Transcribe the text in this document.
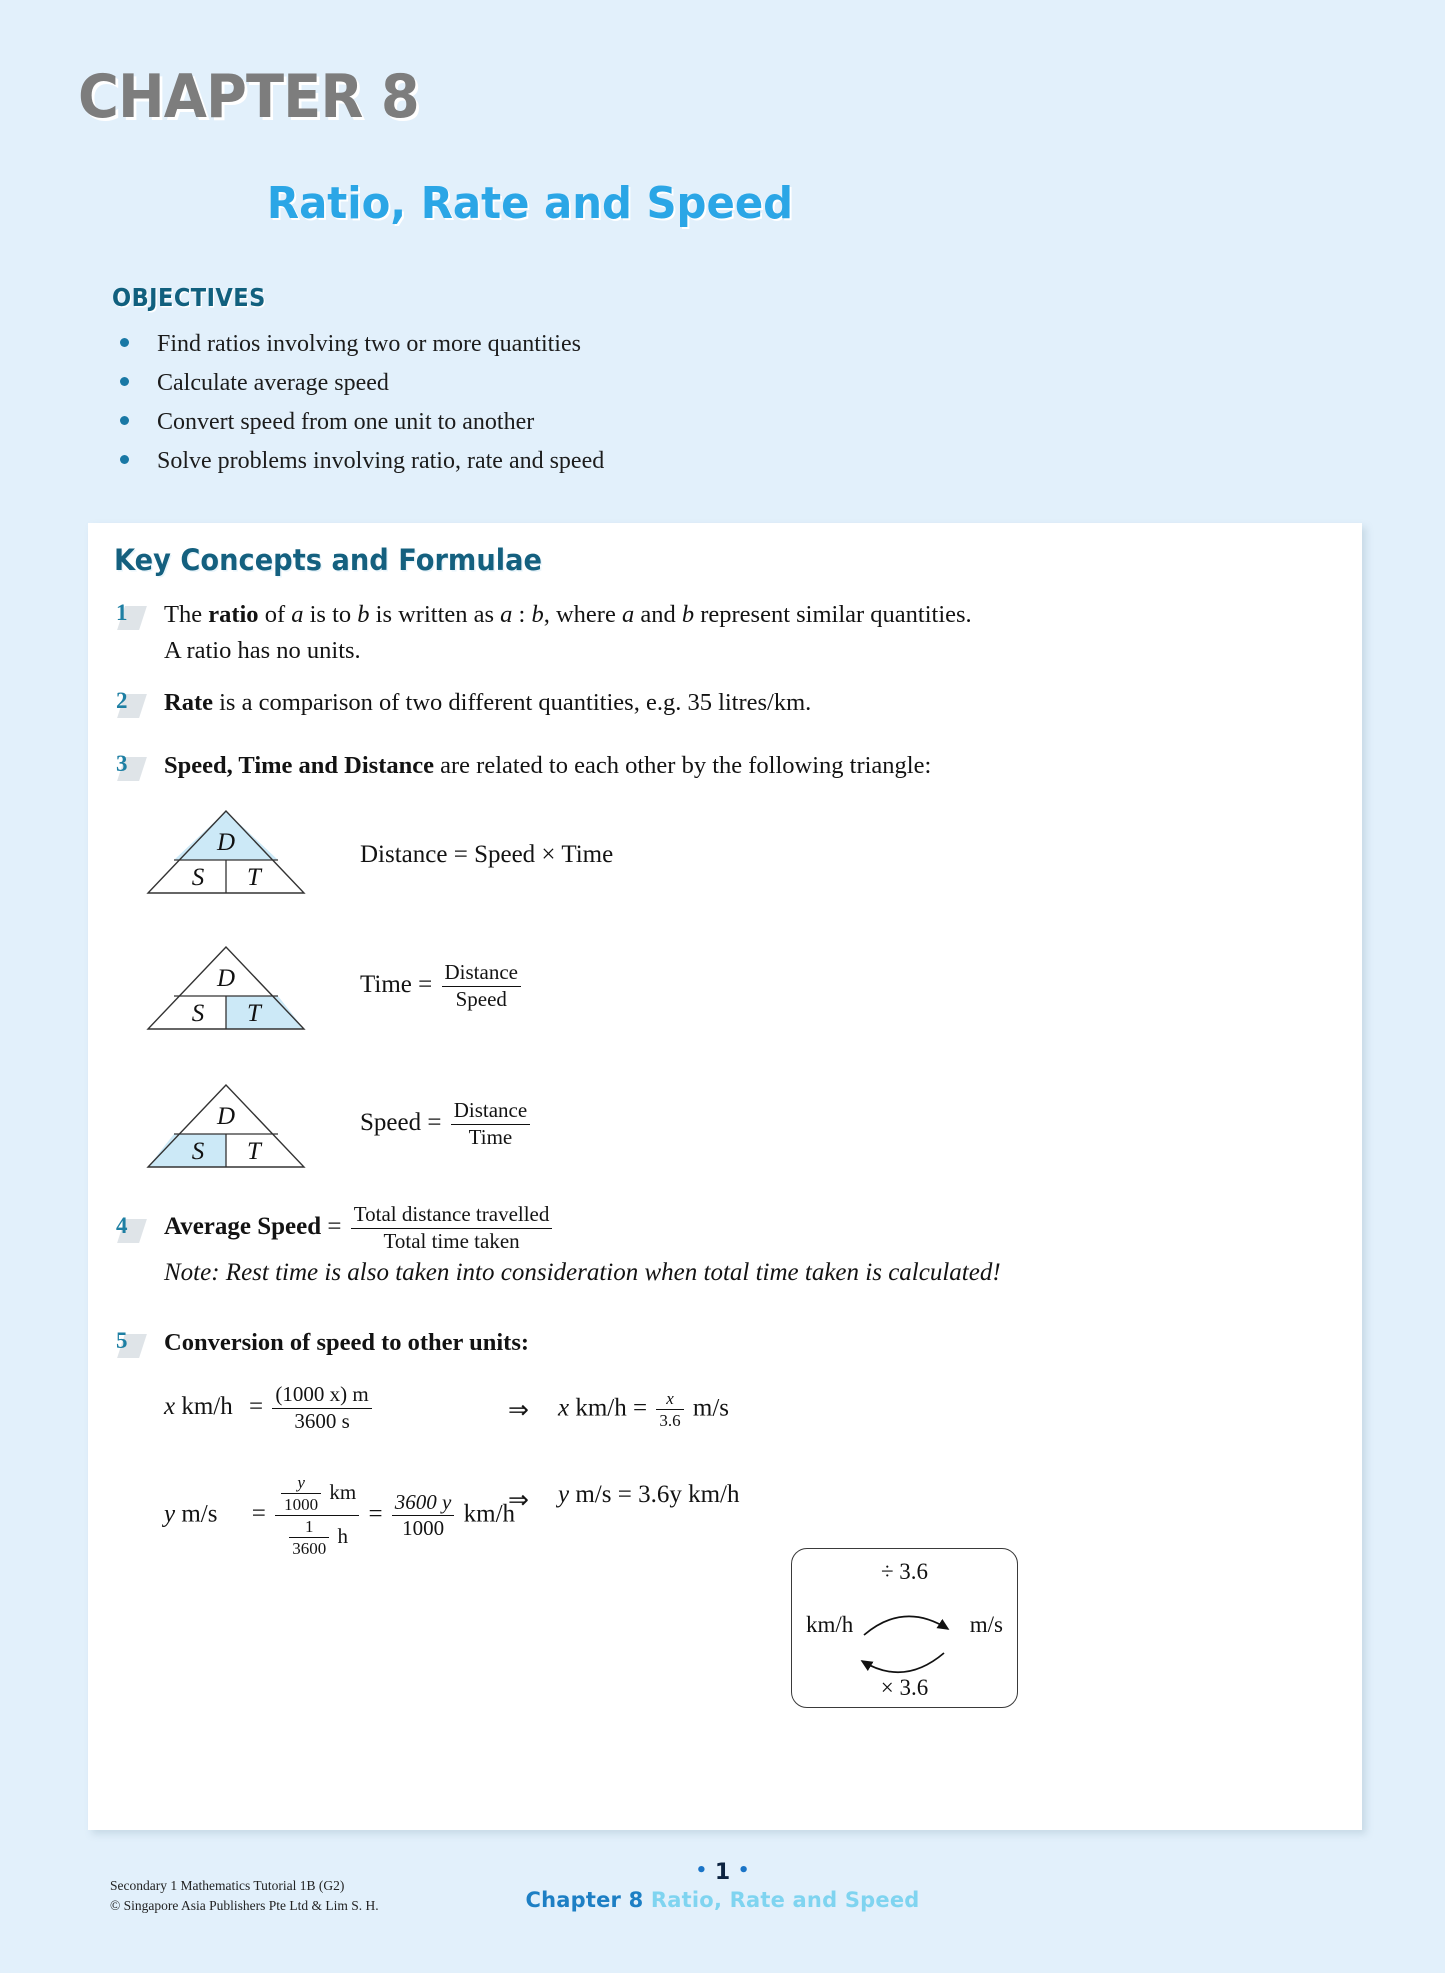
CHAPTER 8
Ratio, Rate and Speed
OBJECTIVES
Find ratios involving two or more quantities
Calculate average speed
Convert speed from one unit to another
Solve problems involving ratio, rate and speed
Key Concepts and Formulae
1	The ratio of a is to b is written as a : b, where a and b represent similar quantities.
A ratio has no units.
2	Rate is a comparison of two different quantities, e.g. 35 litres/km.
3	Speed, Time and Distance are related to each other by the following triangle:
D
S T
Distance = Speed × Time
D
S T
Time = $\frac{\text{Distance}}{\text{Speed}}$
D
S T
Speed = $\frac{\text{Distance}}{\text{Time}}$
4	Average Speed = $\frac{\text{Total distance travelled}}{\text{Total time taken}}$
Note: Rest time is also taken into consideration when total time taken is calculated!
5	Conversion of speed to other units:
x $km/h = \frac{(1000 x) m}{3600 s}$	⇒ x $km/h = \frac{x}{3.6} m/s$
y $m/s = \frac{\frac{y}{1000} km}{\frac{1}{3600} h} = \frac{3600 y}{1000} km/h$
⇒ y m/s = 3.6y km/h
÷ 3.6
× 3.6
km/h	m/s
Secondary 1 Mathematics Tutorial 1B (G2)
© Singapore Asia Publishers Pte Ltd & Lim S. H.
• 1 •
Chapter 8 Ratio, Rate and Speed
